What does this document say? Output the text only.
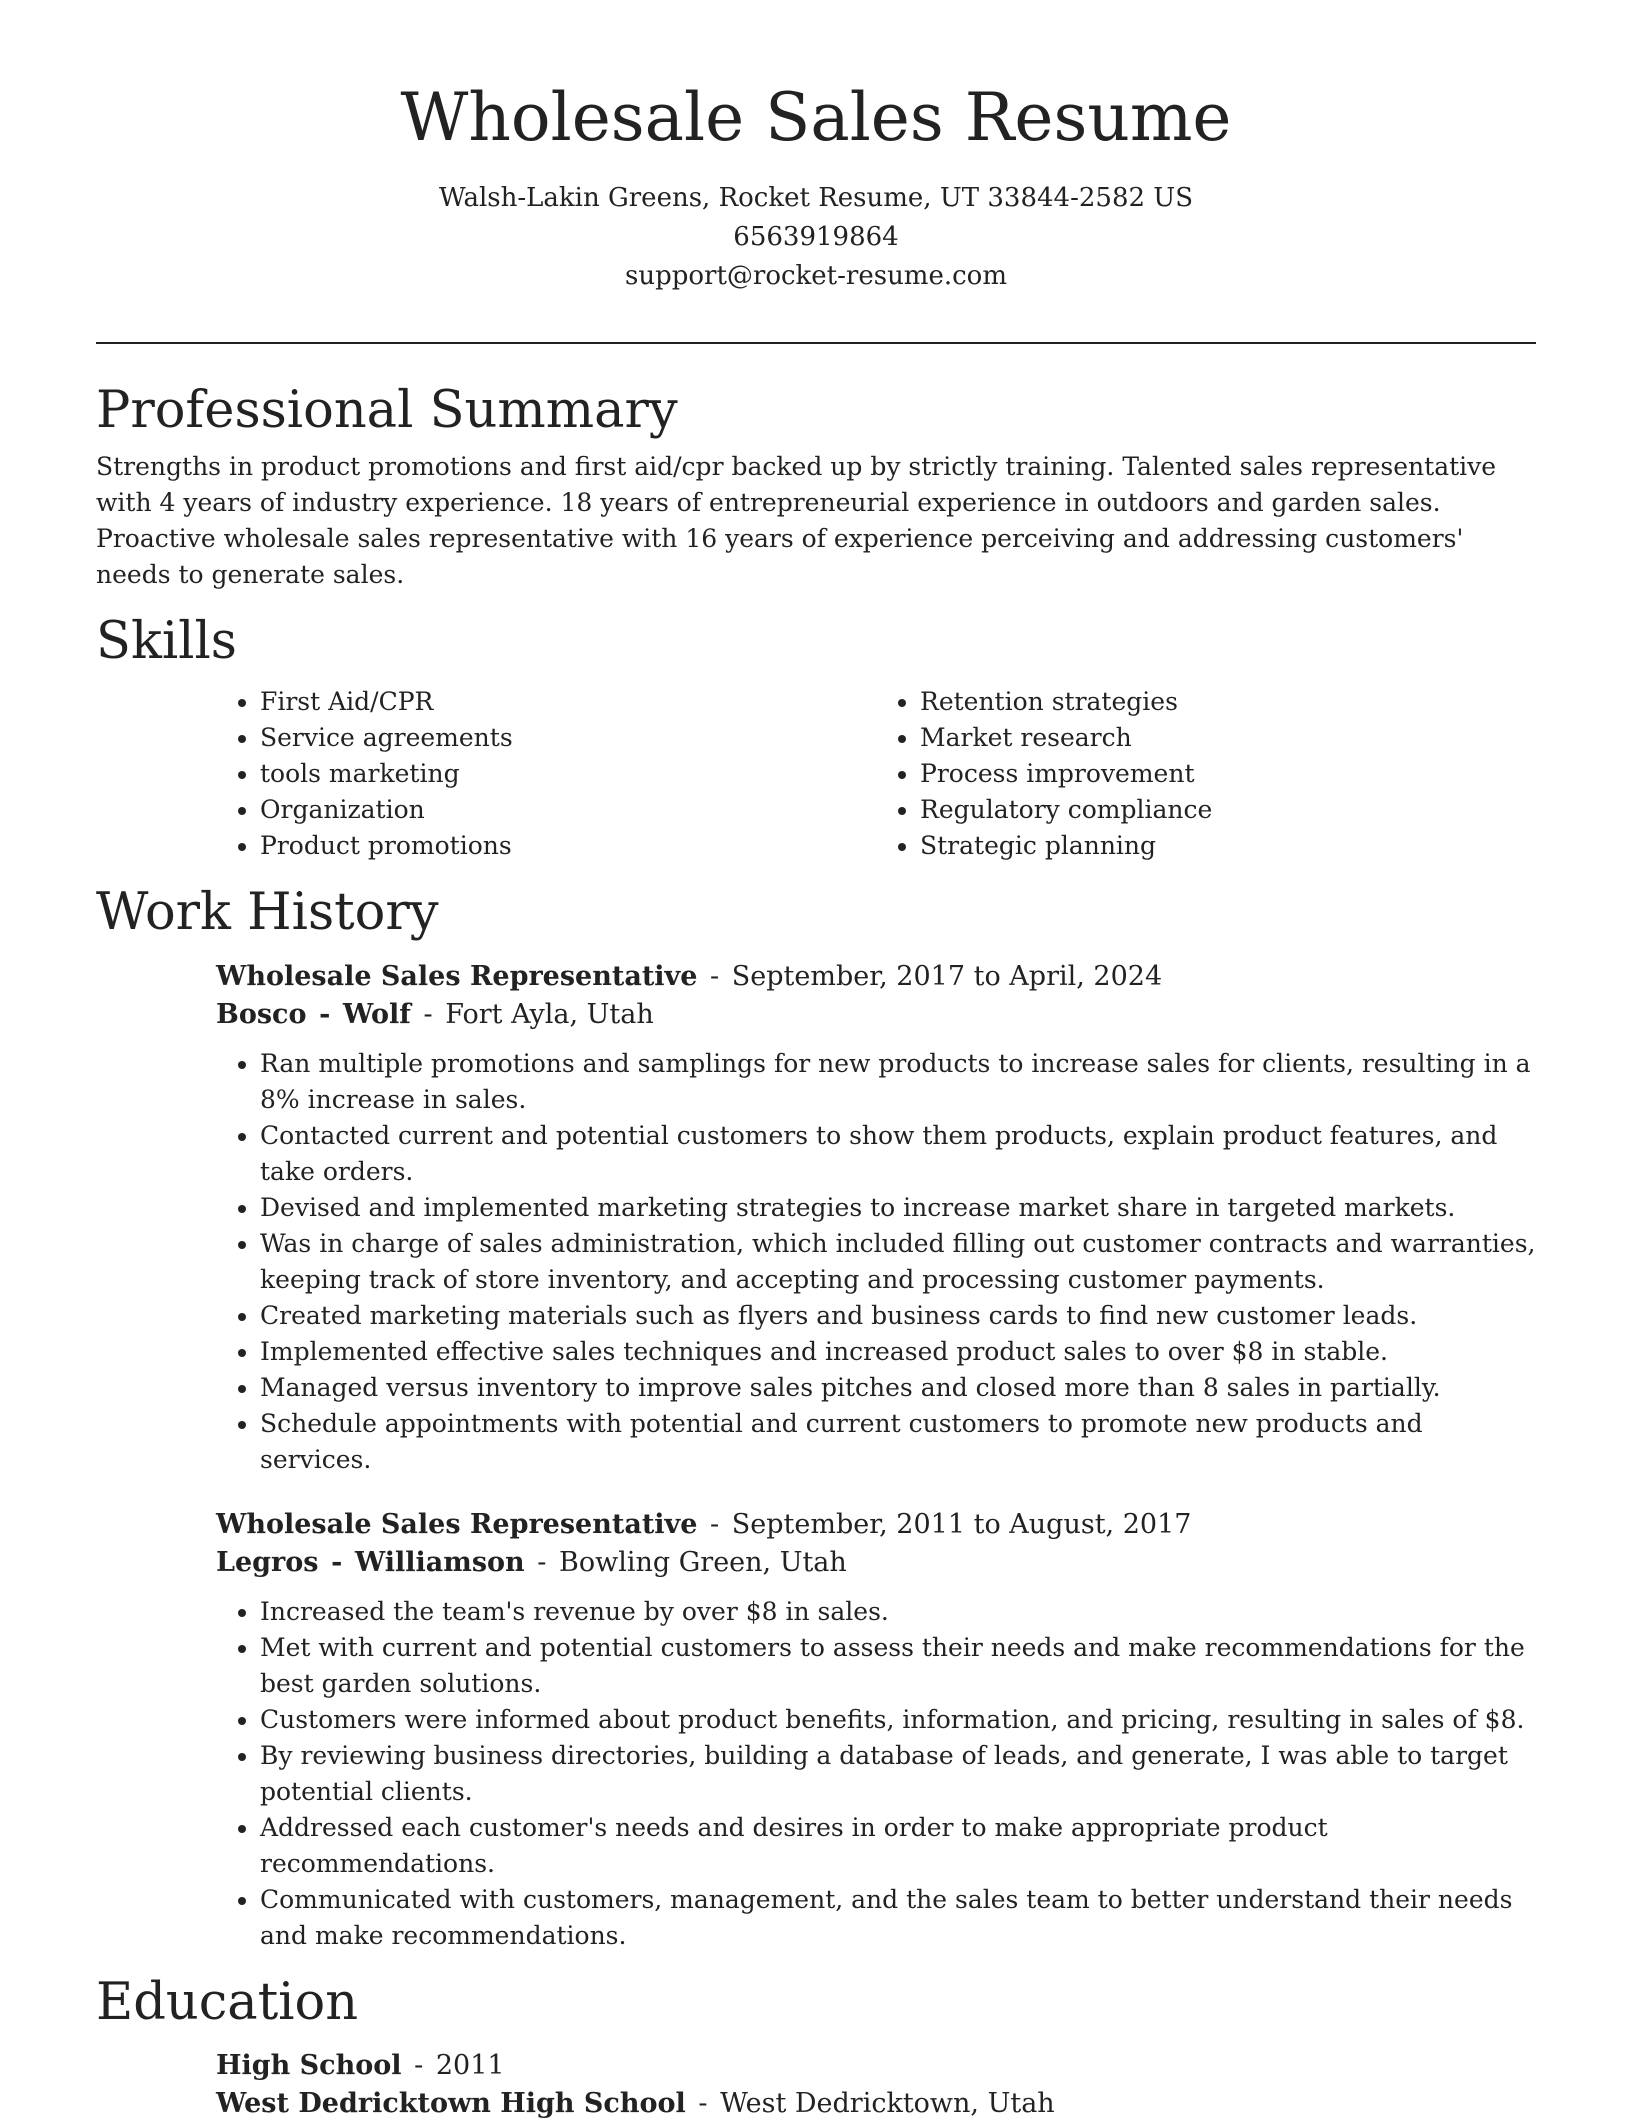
Wholesale Sales Resume

Walsh-Lakin Greens, Rocket Resume, UT 33844-2582 US

6563919864

support@rocket-resume.com

Professional Summary

Strengths in product promotions and first aid/cpr backed up by strictly training. Talented sales representative with 4 years of industry experience. 18 years of entrepreneurial experience in outdoors and garden sales. Proactive wholesale sales representative with 16 years of experience perceiving and addressing customers' needs to generate sales.

Skills
• First Aid/CPR
• Service agreements
• tools marketing
• Organization
• Product promotions
• Retention strategies
• Market research
• Process improvement
• Regulatory compliance
• Strategic planning
Work History

Wholesale Sales Representative - September, 2017 to April, 2024

Bosco - Wolf - Fort Ayla, Utah

• Ran multiple promotions and samplings for new products to increase sales for clients, resulting in a 8% increase in sales.
• Contacted current and potential customers to show them products, explain product features, and take orders.
• Devised and implemented marketing strategies to increase market share in targeted markets.
• Was in charge of sales administration, which included filling out customer contracts and warranties, keeping track of store inventory, and accepting and processing customer payments.
• Created marketing materials such as flyers and business cards to find new customer leads.
• Implemented effective sales techniques and increased product sales to over $8 in stable.
• Managed versus inventory to improve sales pitches and closed more than 8 sales in partially.
• Schedule appointments with potential and current customers to promote new products and services.

Wholesale Sales Representative - September, 2011 to August, 2017

Legros - Williamson - Bowling Green, Utah

• Increased the team's revenue by over $8 in sales.
• Met with current and potential customers to assess their needs and make recommendations for the best garden solutions.
• Customers were informed about product benefits, information, and pricing, resulting in sales of $8.
• By reviewing business directories, building a database of leads, and generate, I was able to target potential clients.
• Addressed each customer's needs and desires in order to make appropriate product recommendations.
• Communicated with customers, management, and the sales team to better understand their needs and make recommendations.
Education

High School - 2011

West Dedricktown High School - West Dedricktown, Utah
